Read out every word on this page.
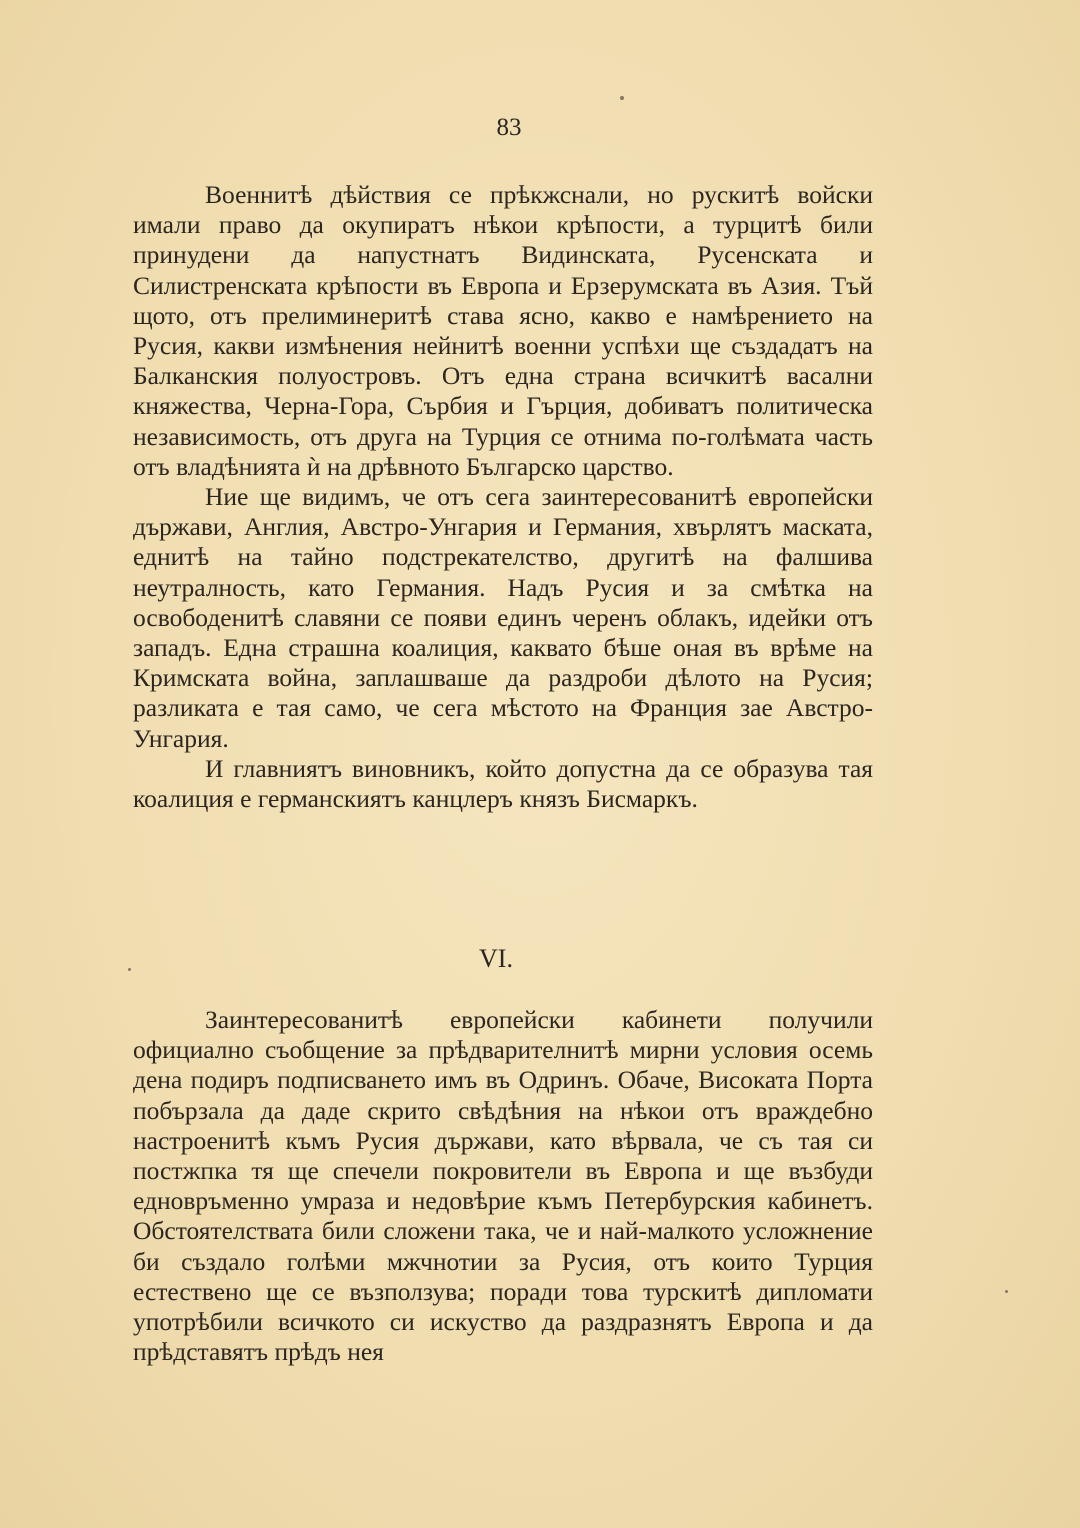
83

Военнитѣ дѣйствия се прѣкжснали, но рускитѣ войски имали право да окупиратъ нѣкои крѣпости, а турцитѣ били принудени да напустнатъ Видинската, Русенската и Силистренската крѣпости въ Европа и Ерзерумската въ Азия. Тъй щото, отъ прелиминеритѣ става ясно, какво е намѣрението на Русия, какви измѣнения нейнитѣ военни успѣхи ще създадатъ на Балканския полуостровъ. Отъ една страна всичкитѣ васални княжества, Черна-Гора, Сърбия и Гърция, добиватъ политическа независимость, отъ друга на Турция се отнима по-голѣмата часть отъ владѣнията ѝ на дрѣвното Българско царство.

Ние ще видимъ, че отъ сега заинтересованитѣ европейски държави, Англия, Австро-Унгария и Германия, хвърлятъ маската, еднитѣ на тайно подстрекателство, другитѣ на фалшива неутралность, като Германия. Надъ Русия и за смѣтка на освободенитѣ славяни се появи единъ черенъ облакъ, идейки отъ западъ. Една страшна коалиция, каквато бѣше оная въ врѣме на Кримската война, заплашваше да раздроби дѣлото на Русия; разликата е тая само, че сега мѣстото на Франция зае Австро-Унгария.

И главниятъ виновникъ, който допустна да се образува тая коалиция е германскиятъ канцлеръ князъ Бисмаркъ.

VI.

Заинтересованитѣ европейски кабинети получили официално съобщение за прѣдварителнитѣ мирни условия осемь дена подиръ подписването имъ въ Одринъ. Обаче, Високата Порта побързала да даде скрито свѣдѣния на нѣкои отъ враждебно настроенитѣ къмъ Русия държави, като вѣрвала, че съ тая си постжпка тя ще спечели покровители въ Европа и ще възбуди едновръменно умраза и недовѣрие къмъ Петербурския кабинетъ. Обстоятелствата били сложени така, че и най-малкото усложнение би създало голѣми мжчнотии за Русия, отъ които Турция естествено ще се възползува; поради това турскитѣ дипломати употрѣбили всичкото си искуство да раздразнятъ Европа и да прѣдставятъ прѣдъ нея
